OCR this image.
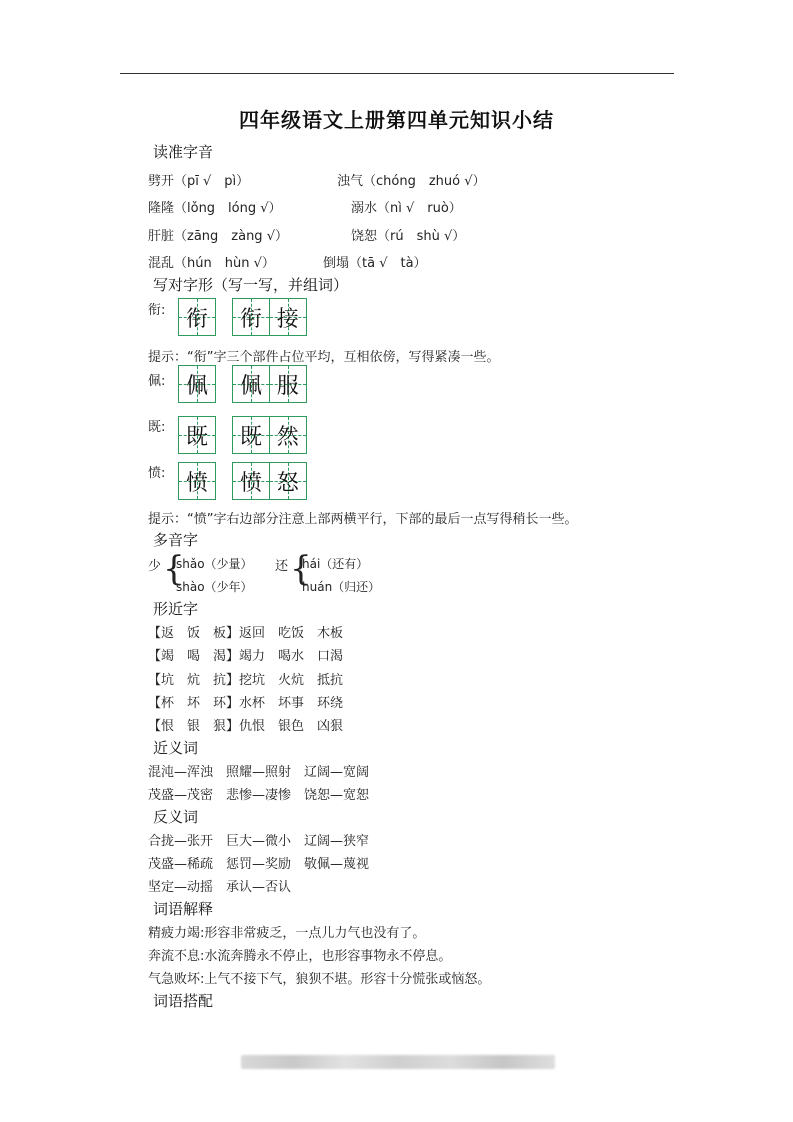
四年级语文上册第四单元知识小结
读准字音
劈开（pī √　pì）	浊气（chóng　zhuó √）
隆隆（lǒng　lóng √）	溺水（nì √　ruò）
肝脏（zāng　zàng √）	饶恕（rú　shù √）
混乱（hún　hùn √）	倒塌（tā √　tà）
写对字形（写一写，并组词）
衔: 衔 衔 接
提示：“衔”字三个部件占位平均，互相依傍，写得紧凑一些。
佩: 佩 佩 服
既: 既 既 然
愤: 愤 愤 怒
提示：“愤”字右边部分注意上部两横平行，下部的最后一点写得稍长一些。
多音字
少 {
shǎo（少量）
shào（少年）
还 {
hái（还有）
huán（归还）
形近字
【返　饭　板】返回　吃饭　木板
【竭　喝　渴】竭力　喝水　口渴
【坑　炕　抗】挖坑　火炕　抵抗
【杯　坏　环】水杯　坏事　环绕
【恨　银　狠】仇恨　银色　凶狠
近义词
混沌—浑浊　照耀—照射　辽阔—宽阔
茂盛—茂密　悲惨—凄惨　饶恕—宽恕
反义词
合拢—张开　巨大—微小　辽阔—狭窄
茂盛—稀疏　惩罚—奖励　敬佩—蔑视
坚定—动摇　承认—否认
词语解释
精疲力竭:形容非常疲乏，一点儿力气也没有了。
奔流不息:水流奔腾永不停止，也形容事物永不停息。
气急败坏:上气不接下气，狼狈不堪。形容十分慌张或恼怒。
词语搭配
